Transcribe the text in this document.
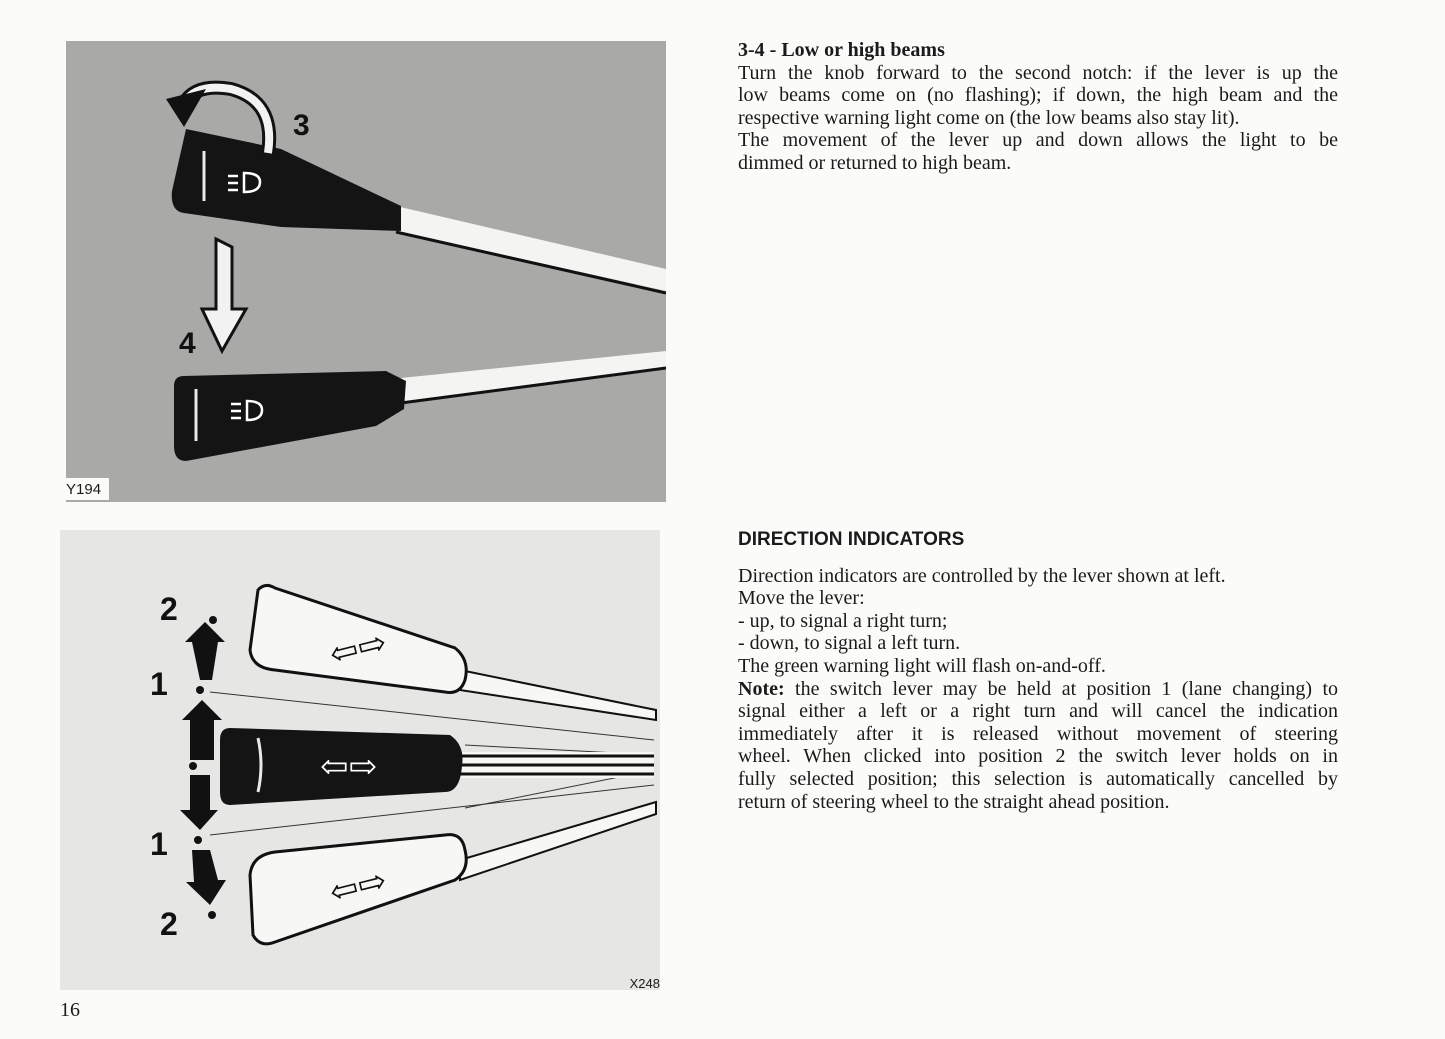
3
4
Y194
⇦⇨
⇦⇨
⇦⇨
2
1
1
2
X248
3-4 - Low or high beams
Turn the knob forward to the second notch: if the lever is up the
low beams come on (no flashing); if down, the high beam and the
respective warning light come on (the low beams also stay lit).
The movement of the lever up and down allows the light to be
dimmed or returned to high beam.
DIRECTION INDICATORS
Direction indicators are controlled by the lever shown at left.
Move the lever:
- up, to signal a right turn;
- down, to signal a left turn.
The green warning light will flash on-and-off.
Note: the switch lever may be held at position 1 (lane changing) to
signal either a left or a right turn and will cancel the indication
immediately after it is released without movement of steering
wheel. When clicked into position 2 the switch lever holds on in
fully selected position; this selection is automatically cancelled by
return of steering wheel to the straight ahead position.
16
